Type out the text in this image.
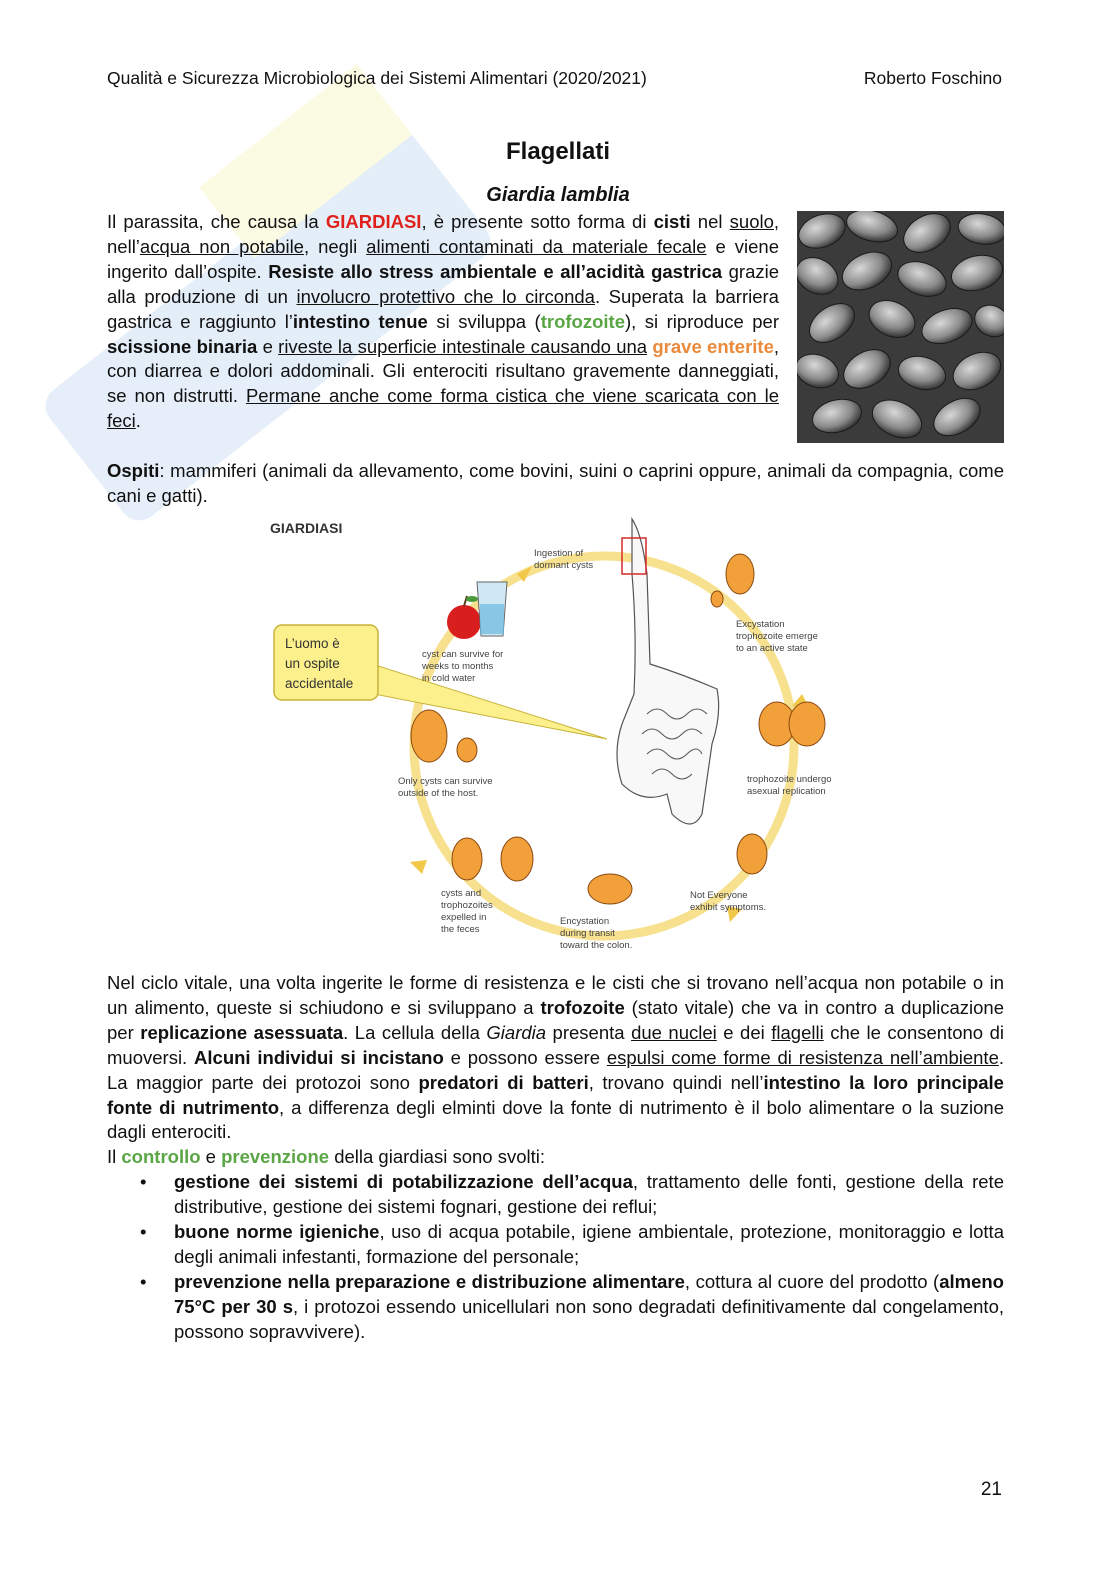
Qualità e Sicurezza Microbiologica dei Sistemi Alimentari (2020/2021)	Roberto Foschino
Flagellati
Giardia lamblia
Il parassita, che causa la GIARDIASI, è presente sotto forma di cisti nel suolo, nell’acqua non potabile, negli alimenti contaminati da materiale fecale e viene ingerito dall’ospite. Resiste allo stress ambientale e all’acidità gastrica grazie alla produzione di un involucro protettivo che lo circonda. Superata la barriera gastrica e raggiunto l’intestino tenue si sviluppa (trofozoite), si riproduce per scissione binaria e riveste la superficie intestinale causando una grave enterite, con diarrea e dolori addominali. Gli enterociti risultano gravemente danneggiati, se non distrutti. Permane anche come forma cistica che viene scaricata con le feci.
Ospiti: mammiferi (animali da allevamento, come bovini, suini o caprini oppure, animali da compagnia, come cani e gatti).
GIARDIASI
L’uomo è un ospite accidentale
Ingestion of dormant cysts
cyst can survive for weeks to months in cold water
Excystation trophozoite emerge to an active state
trophozoite undergo asexual replication
Only cysts can survive outside of the host.
Not Everyone exhibit symptoms.
Encystation during transit toward the colon.
cysts and trophozoites expelled in the feces

Nel ciclo vitale, una volta ingerite le forme di resistenza e le cisti che si trovano nell’acqua non potabile o in un alimento, queste si schiudono e si sviluppano a trofozoite (stato vitale) che va in contro a duplicazione per replicazione asessuata. La cellula della Giardia presenta due nuclei e dei flagelli che le consentono di muoversi. Alcuni individui si incistano e possono essere espulsi come forme di resistenza nell’ambiente. La maggior parte dei protozoi sono predatori di batteri, trovano quindi nell’intestino la loro principale fonte di nutrimento, a differenza degli elminti dove la fonte di nutrimento è il bolo alimentare o la suzione dagli enterociti.

Il controllo e prevenzione della giardiasi sono svolti:

• gestione dei sistemi di potabilizzazione dell’acqua, trattamento delle fonti, gestione della rete distributive, gestione dei sistemi fognari, gestione dei reflui;
• buone norme igieniche, uso di acqua potabile, igiene ambientale, protezione, monitoraggio e lotta degli animali infestanti, formazione del personale;
• prevenzione nella preparazione e distribuzione alimentare, cottura al cuore del prodotto (almeno 75°C per 30 s, i protozoi essendo unicellulari non sono degradati definitivamente dal congelamento, possono sopravvivere).
21
